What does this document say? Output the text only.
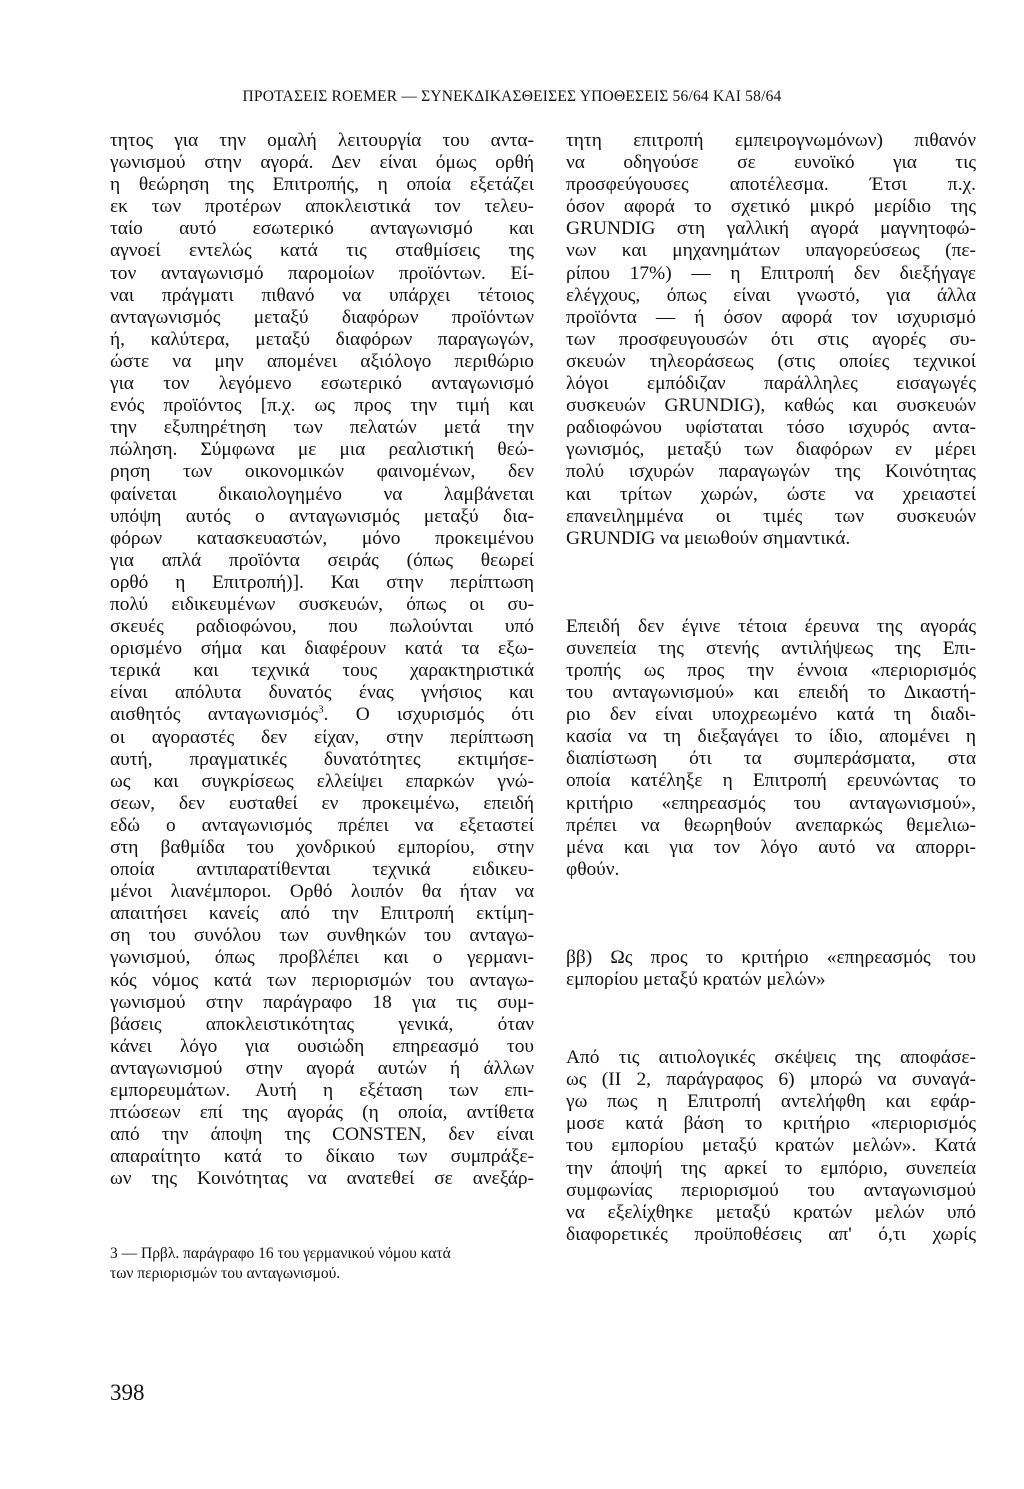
ΠΡΟΤΑΣΕΙΣ ROEMER — ΣΥΝΕΚΔΙΚΑΣΘΕΙΣΕΣ ΥΠΟΘΕΣΕΙΣ 56/64 ΚΑΙ 58/64

τητος για την ομαλή λειτουργία του αντα-
γωνισμού στην αγορά. Δεν είναι όμως ορθή
η θεώρηση της Επιτροπής, η οποία εξετάζει
εκ των προτέρων αποκλειστικά τον τελευ-
ταίο αυτό εσωτερικό ανταγωνισμό και
αγνοεί εντελώς κατά τις σταθμίσεις της
τον ανταγωνισμό παρομοίων προϊόντων. Εί-
ναι πράγματι πιθανό να υπάρχει τέτοιος
ανταγωνισμός μεταξύ διαφόρων προϊόντων
ή, καλύτερα, μεταξύ διαφόρων παραγωγών,
ώστε να μην απομένει αξιόλογο περιθώριο
για τον λεγόμενο εσωτερικό ανταγωνισμό
ενός προϊόντος [π.χ. ως προς την τιμή και
την εξυπηρέτηση των πελατών μετά την
πώληση. Σύμφωνα με μια ρεαλιστική θεώ-
ρηση των οικονομικών φαινομένων, δεν
φαίνεται δικαιολογημένο να λαμβάνεται
υπόψη αυτός ο ανταγωνισμός μεταξύ δια-
φόρων κατασκευαστών, μόνο προκειμένου
για απλά προϊόντα σειράς (όπως θεωρεί
ορθό η Επιτροπή)]. Και στην περίπτωση
πολύ ειδικευμένων συσκευών, όπως οι συ-
σκευές ραδιοφώνου, που πωλούνται υπό
ορισμένο σήμα και διαφέρουν κατά τα εξω-
τερικά και τεχνικά τους χαρακτηριστικά
είναι απόλυτα δυνατός ένας γνήσιος και
αισθητός ανταγωνισμός$^3$. Ο ισχυρισμός ότι
οι αγοραστές δεν είχαν, στην περίπτωση
αυτή, πραγματικές δυνατότητες εκτιμήσε-
ως και συγκρίσεως ελλείψει επαρκών γνώ-
σεων, δεν ευσταθεί εν προκειμένω, επειδή
εδώ ο ανταγωνισμός πρέπει να εξεταστεί
στη βαθμίδα του χονδρικού εμπορίου, στην
οποία αντιπαρατίθενται τεχνικά ειδικευ-
μένοι λιανέμποροι. Ορθό λοιπόν θα ήταν να
απαιτήσει κανείς από την Επιτροπή εκτίμη-
ση του συνόλου των συνθηκών του ανταγω-
γωνισμού, όπως προβλέπει και ο γερμανι-
κός νόμος κατά των περιορισμών του ανταγω-
γωνισμού στην παράγραφο 18 για τις συμ-
βάσεις αποκλειστικότητας γενικά, όταν
κάνει λόγο για ουσιώδη επηρεασμό του
ανταγωνισμού στην αγορά αυτών ή άλλων
εμπορευμάτων. Αυτή η εξέταση των επι-
πτώσεων επί της αγοράς (η οποία, αντίθετα
από την άποψη της CONSTEN, δεν είναι
απαραίτητο κατά το δίκαιο των συμπράξε-
ων της Κοινότητας να ανατεθεί σε ανεξάρ-

3 — Πρβλ. παράγραφο 16 του γερμανικού νόμου κατά
των περιορισμών του ανταγωνισμού.
398

τητη επιτροπή εμπειρογνωμόνων) πιθανόν
να οδηγούσε σε ευνοϊκό για τις
προσφεύγουσες αποτέλεσμα. Έτσι π.χ.
όσον αφορά το σχετικό μικρό μερίδιο της
GRUNDIG στη γαλλική αγορά μαγνητοφώ-
νων και μηχανημάτων υπαγορεύσεως (πε-
ρίπου 17%) — η Επιτροπή δεν διεξήγαγε
ελέγχους, όπως είναι γνωστό, για άλλα
προϊόντα — ή όσον αφορά τον ισχυρισμό
των προσφευγουσών ότι στις αγορές συ-
σκευών τηλεοράσεως (στις οποίες τεχνικοί
λόγοι εμπόδιζαν παράλληλες εισαγωγές
συσκευών GRUNDIG), καθώς και συσκευών
ραδιοφώνου υφίσταται τόσο ισχυρός αντα-
γωνισμός, μεταξύ των διαφόρων εν μέρει
πολύ ισχυρών παραγωγών της Κοινότητας
και τρίτων χωρών, ώστε να χρειαστεί
επανειλημμένα οι τιμές των συσκευών
GRUNDIG να μειωθούν σημαντικά.

Επειδή δεν έγινε τέτοια έρευνα της αγοράς
συνεπεία της στενής αντιλήψεως της Επι-
τροπής ως προς την έννοια «περιορισμός
του ανταγωνισμού» και επειδή το Δικαστή-
ριο δεν είναι υποχρεωμένο κατά τη διαδι-
κασία να τη διεξαγάγει το ίδιο, απομένει η
διαπίστωση ότι τα συμπεράσματα, στα
οποία κατέληξε η Επιτροπή ερευνώντας το
κριτήριο «επηρεασμός του ανταγωνισμού»,
πρέπει να θεωρηθούν ανεπαρκώς θεμελιω-
μένα και για τον λόγο αυτό να απορρι-
φθούν.

ββ) Ως προς το κριτήριο «επηρεασμός του
εμπορίου μεταξύ κρατών μελών»

Από τις αιτιολογικές σκέψεις της αποφάσε-
ως (ΙΙ 2, παράγραφος 6) μπορώ να συναγά-
γω πως η Επιτροπή αντελήφθη και εφάρ-
μοσε κατά βάση το κριτήριο «περιορισμός
του εμπορίου μεταξύ κρατών μελών». Κατά
την άποψή της αρκεί το εμπόριο, συνεπεία
συμφωνίας περιορισμού του ανταγωνισμού
να εξελίχθηκε μεταξύ κρατών μελών υπό
διαφορετικές προϋποθέσεις απ' ό,τι χωρίς
